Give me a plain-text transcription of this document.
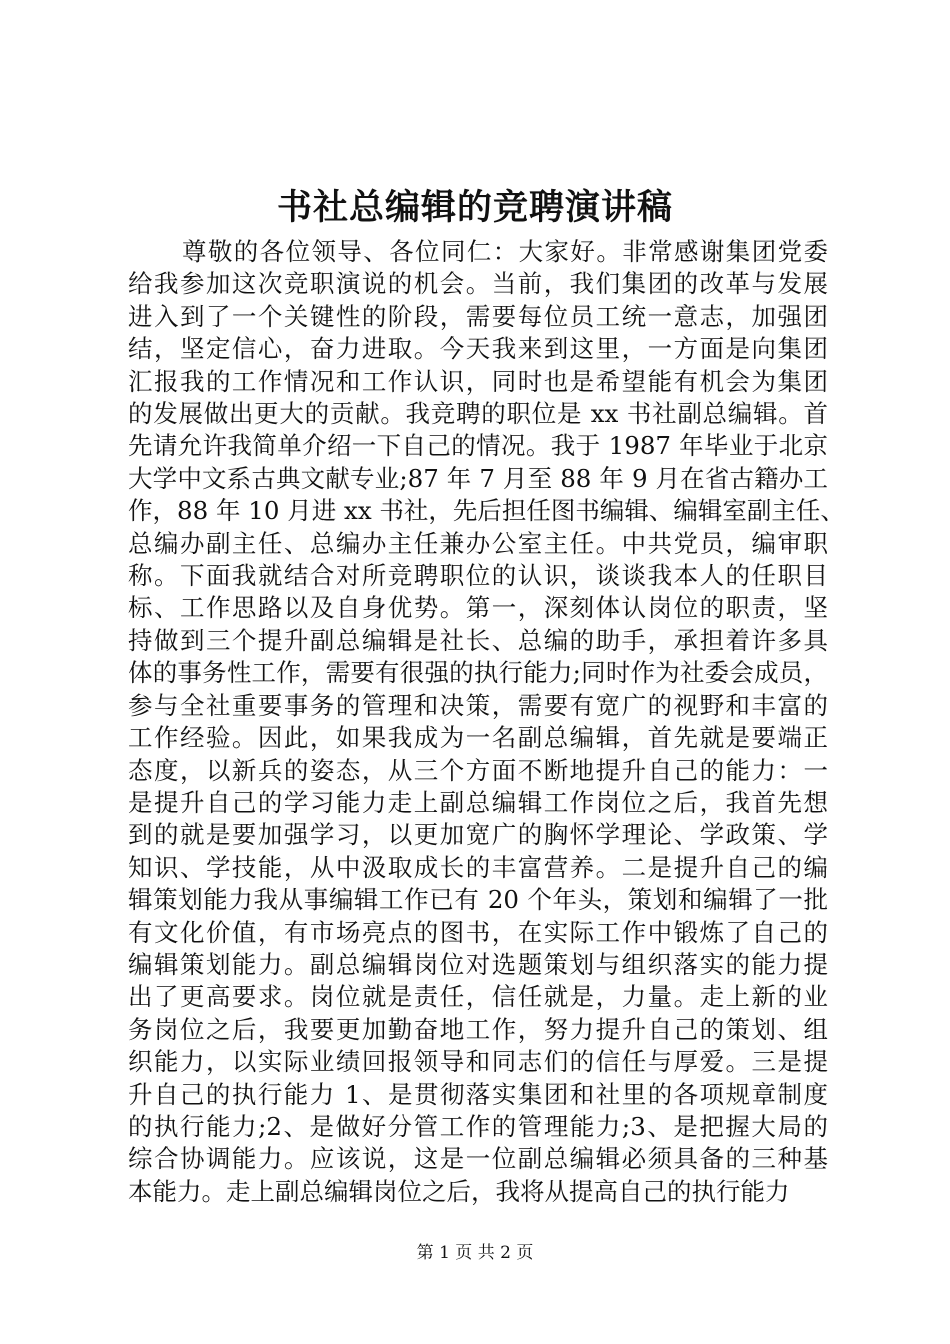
书社总编辑的竞聘演讲稿
尊敬的各位领导、各位同仁：大家好。非常感谢集团党委
给我参加这次竞职演说的机会。当前，我们集团的改革与发展
进入到了一个关键性的阶段，需要每位员工统一意志，加强团
结，坚定信心，奋力进取。今天我来到这里，一方面是向集团
汇报我的工作情况和工作认识，同时也是希望能有机会为集团
的发展做出更大的贡献。我竞聘的职位是 xx 书社副总编辑。首
先请允许我简单介绍一下自己的情况。我于 1987 年毕业于北京
大学中文系古典文献专业;87 年 7 月至 88 年 9 月在省古籍办工
作，88 年 10 月进 xx 书社，先后担任图书编辑、编辑室副主任、
总编办副主任、总编办主任兼办公室主任。中共党员，编审职
称。下面我就结合对所竞聘职位的认识，谈谈我本人的任职目
标、工作思路以及自身优势。第一，深刻体认岗位的职责，坚
持做到三个提升副总编辑是社长、总编的助手，承担着许多具
体的事务性工作，需要有很强的执行能力;同时作为社委会成员，
参与全社重要事务的管理和决策，需要有宽广的视野和丰富的
工作经验。因此，如果我成为一名副总编辑，首先就是要端正
态度，以新兵的姿态，从三个方面不断地提升自己的能力：一
是提升自己的学习能力走上副总编辑工作岗位之后，我首先想
到的就是要加强学习，以更加宽广的胸怀学理论、学政策、学
知识、学技能，从中汲取成长的丰富营养。二是提升自己的编
辑策划能力我从事编辑工作已有 20 个年头，策划和编辑了一批
有文化价值，有市场亮点的图书，在实际工作中锻炼了自己的
编辑策划能力。副总编辑岗位对选题策划与组织落实的能力提
出了更高要求。岗位就是责任，信任就是，力量。走上新的业
务岗位之后，我要更加勤奋地工作，努力提升自己的策划、组
织能力，以实际业绩回报领导和同志们的信任与厚爱。三是提
升自己的执行能力 1、是贯彻落实集团和社里的各项规章制度
的执行能力;2、是做好分管工作的管理能力;3、是把握大局的
综合协调能力。应该说，这是一位副总编辑必须具备的三种基
本能力。走上副总编辑岗位之后，我将从提高自己的执行能力
第 1 页 共 2 页
